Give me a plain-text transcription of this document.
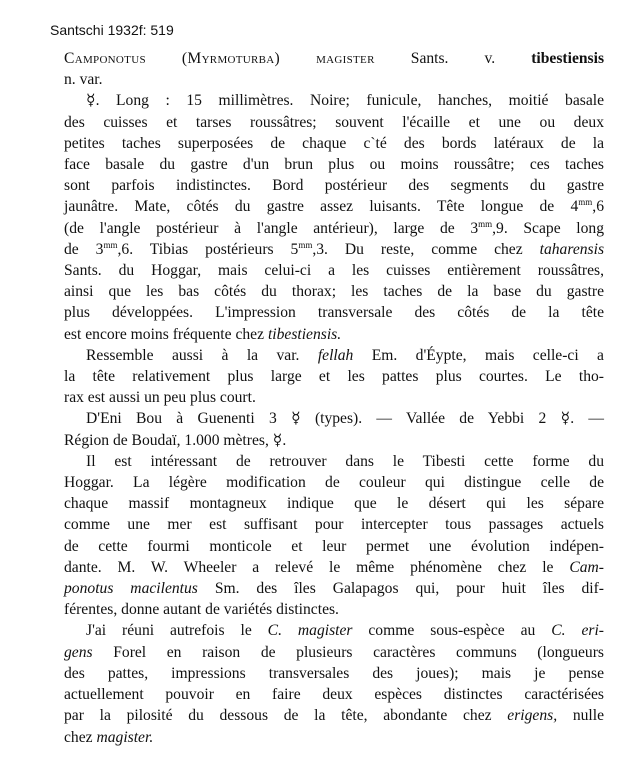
Santschi 1932f: 519
Camponotus (Myrmoturba) magister Sants. v. tibestiensis
n. var.
☿. Long : 15 millimètres. Noire; funicule, hanches, moitié basale
des cuisses et tarses roussâtres; souvent l'écaille et une ou deux
petites taches superposées de chaque c`té des bords latéraux de la
face basale du gastre d'un brun plus ou moins roussâtre; ces taches
sont parfois indistinctes. Bord postérieur des segments du gastre
jaunâtre. Mate, côtés du gastre assez luisants. Tête longue de $4^{mm},6$
(de l'angle postérieur à l'angle antérieur), large de $3^{mm},9$. Scape long
de $3^{mm},6$. Tibias postérieurs $5^{mm},3$. Du reste, comme chez taharensis
Sants. du Hoggar, mais celui-ci a les cuisses entièrement roussâtres,
ainsi que les bas côtés du thorax; les taches de la base du gastre
plus développées. L'impression transversale des côtés de la tête
est encore moins fréquente chez tibestiensis.
Ressemble aussi à la var. fellah Em. d'Éypte, mais celle-ci a
la tête relativement plus large et les pattes plus courtes. Le tho-
rax est aussi un peu plus court.
D'Eni Bou à Guenenti 3 ☿ (types). — Vallée de Yebbi 2 ☿. —
Région de Boudaï, 1.000 mètres, ☿.
Il est intéressant de retrouver dans le Tibesti cette forme du
Hoggar. La légère modification de couleur qui distingue celle de
chaque massif montagneux indique que le désert qui les sépare
comme une mer est suffisant pour intercepter tous passages actuels
de cette fourmi monticole et leur permet une évolution indépen-
dante. M. W. Wheeler a relevé le même phénomène chez le Cam-
ponotus macilentus Sm. des îles Galapagos qui, pour huit îles dif-
férentes, donne autant de variétés distinctes.
J'ai réuni autrefois le C. magister comme sous-espèce au C. eri-
gens Forel en raison de plusieurs caractères communs (longueurs
des pattes, impressions transversales des joues); mais je pense
actuellement pouvoir en faire deux espèces distinctes caractérisées
par la pilosité du dessous de la tête, abondante chez erigens, nulle
chez magister.
